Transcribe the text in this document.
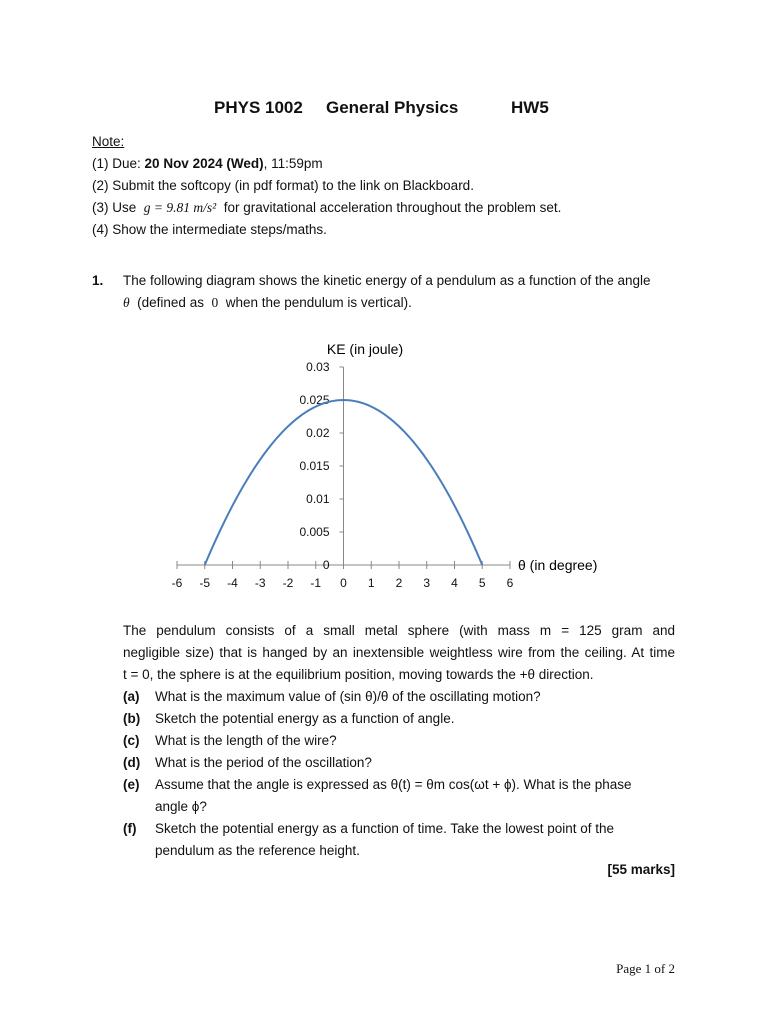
PHYS 1002 General Physics	HW5
Note:
(1) Due: 20 Nov 2024 (Wed), 11:59pm
(2) Submit the softcopy (in pdf format) to the link on Blackboard.
(3) Use g = 9.81 m/s² for gravitational acceleration throughout the problem set.
(4) Show the intermediate steps/maths.
1. The following diagram shows the kinetic energy of a pendulum as a function of the angle
θ (defined as 0 when the pendulum is vertical).
-6 -5 -4 -3 -2 -1 0 1 2 3 4 5 6
0
0.005
0.01
0.015
0.02
0.025
0.03
KE (in joule)
θ (in degree)
The pendulum consists of a small metal sphere (with mass m = 125 gram and
negligible size) that is hanged by an inextensible weightless wire from the ceiling. At time
t = 0, the sphere is at the equilibrium position, moving towards the +θ direction.
(a) What is the maximum value of (sin θ)/θ of the oscillating motion?
(b) Sketch the potential energy as a function of angle.
(c) What is the length of the wire?
(d) What is the period of the oscillation?
(e) Assume that the angle is expressed as θ(t) = θm cos(ωt + ϕ). What is the phase
angle ϕ?
(f) Sketch the potential energy as a function of time. Take the lowest point of the
pendulum as the reference height.
[55 marks]
Page 1 of 2
